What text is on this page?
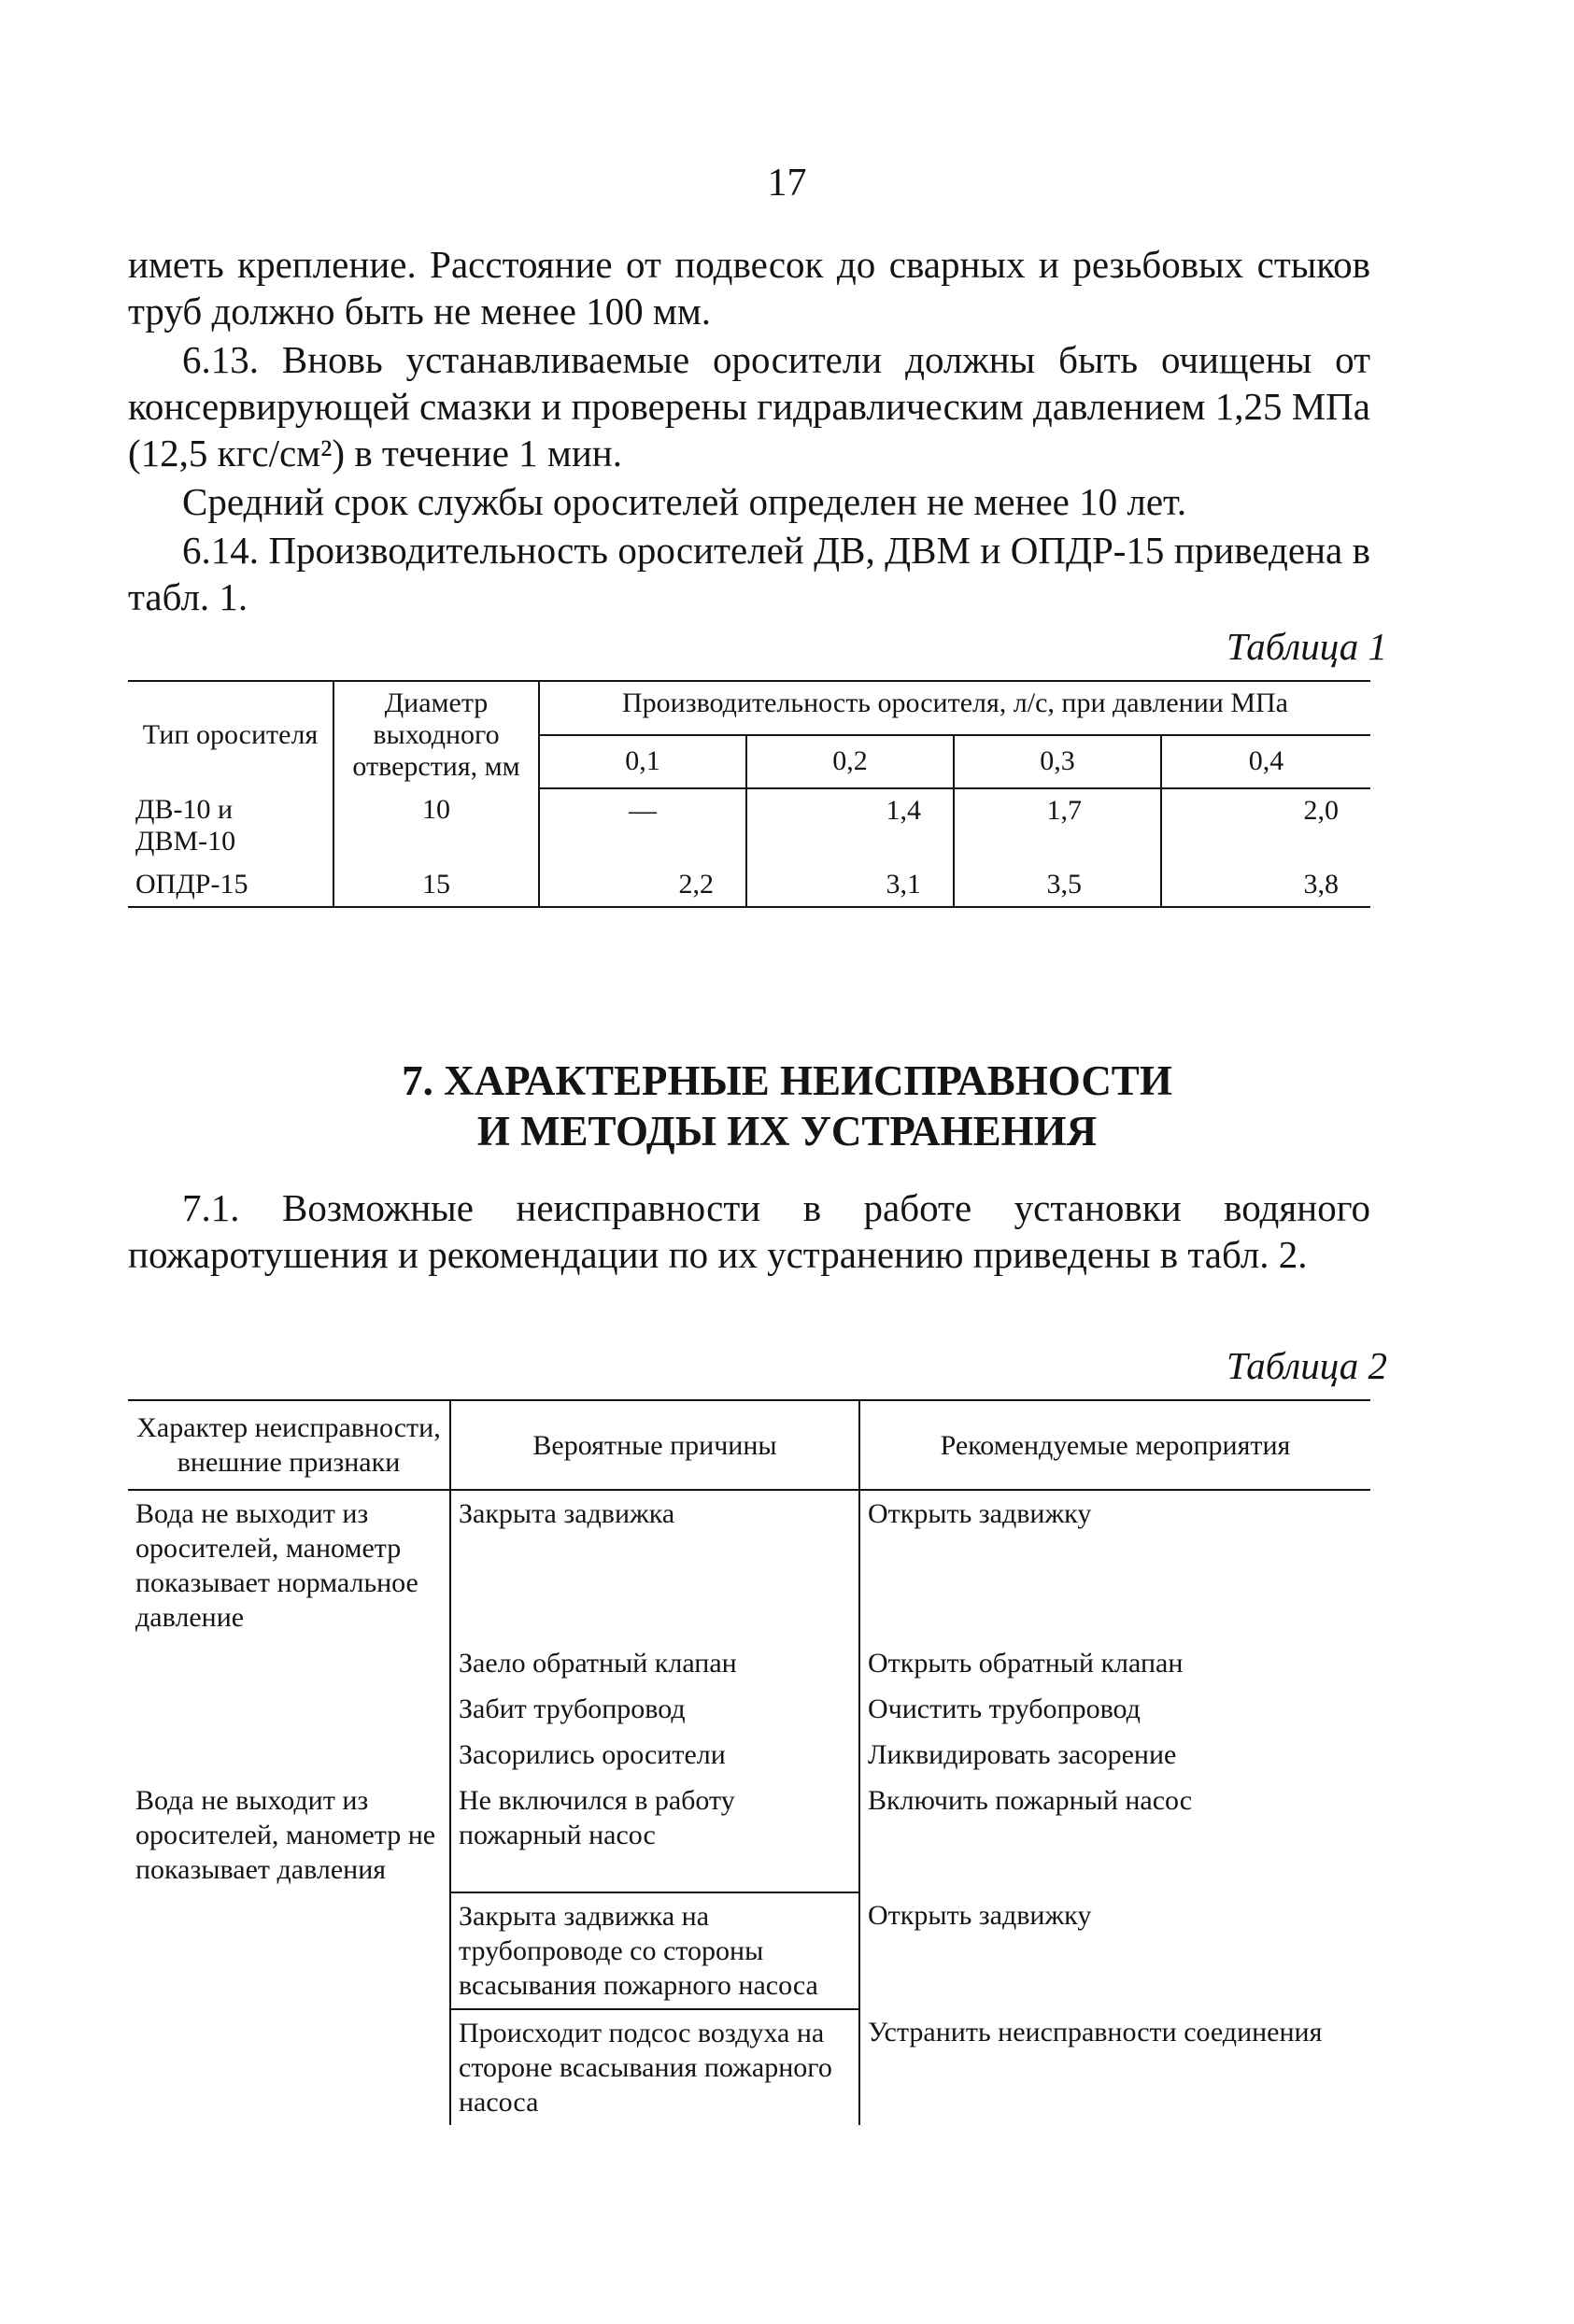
17

иметь крепление. Расстояние от подвесок до сварных и резьбовых стыков труб должно быть не менее 100 мм.

6.13. Вновь устанавливаемые оросители должны быть очищены от консервирующей смазки и проверены гидравлическим давлением 1,25 МПа (12,5 кгс/см²) в течение 1 мин.

Средний срок службы оросителей определен не менее 10 лет.

6.14. Производительность оросителей ДВ, ДВМ и ОПДР-15 приведена в табл. 1.

Таблица 1
Тип оросителя	Диаметр выходного отверстия, мм	Производительность оросителя, л/с, при давлении МПа			
		0,1	0,2	0,3	0,4
ДВ-10 и ДВМ-10	10	—	1,4	1,7	2,0
ОПДР-15	15	2,2	3,1	3,5	3,8
7. ХАРАКТЕРНЫЕ НЕИСПРАВНОСТИ
И МЕТОДЫ ИХ УСТРАНЕНИЯ

7.1. Возможные неисправности в работе установки водяного пожаротушения и рекомендации по их устранению приведены в табл. 2.

Таблица 2
Характер неисправности, внешние признаки	Вероятные причины	Рекомендуемые мероприятия
Вода не выходит из оросителей, манометр показывает нормальное давление	Закрыта задвижка	Открыть задвижку
	Заело обратный клапан	Открыть обратный клапан
	Забит трубопровод	Очистить трубопровод
	Засорились оросители	Ликвидировать засорение
Вода не выходит из оросителей, манометр не показывает давления	Не включился в работу пожарный насос	Включить пожарный насос
	Закрыта задвижка на трубопроводе со стороны всасывания пожарного насоса	Открыть задвижку
	Происходит подсос воздуха на стороне всасывания пожарного насоса	Устранить неисправности соединения
